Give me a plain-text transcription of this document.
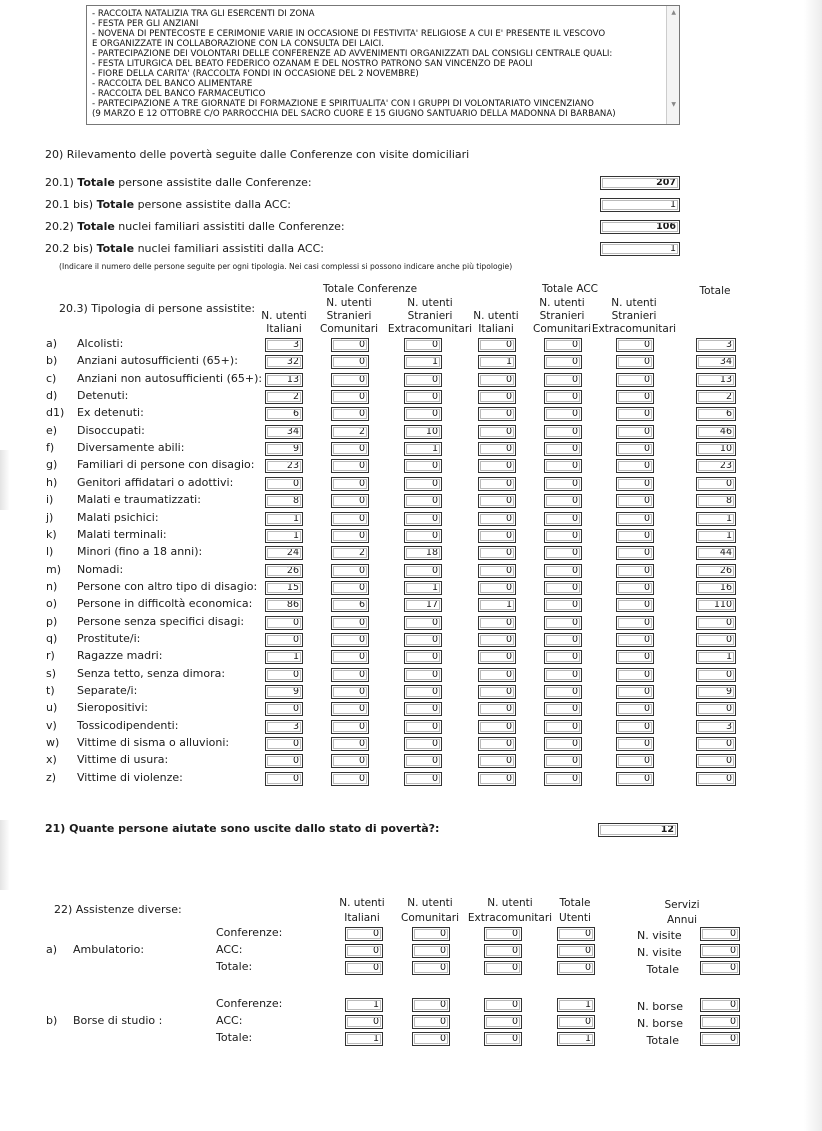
- RACCOLTA NATALIZIA TRA GLI ESERCENTI DI ZONA
- FESTA PER GLI ANZIANI
- NOVENA DI PENTECOSTE E CERIMONIE VARIE IN OCCASIONE DI FESTIVITA' RELIGIOSE A CUI E' PRESENTE IL VESCOVO
E ORGANIZZATE IN COLLABORAZIONE CON LA CONSULTA DEI LAICI.
- PARTECIPAZIONE DEI VOLONTARI DELLE CONFERENZE AD AVVENIMENTI ORGANIZZATI DAL CONSIGLI CENTRALE QUALI:
- FESTA LITURGICA DEL BEATO FEDERICO OZANAM E DEL NOSTRO PATRONO SAN VINCENZO DE PAOLI
- FIORE DELLA CARITA' (RACCOLTA FONDI IN OCCASIONE DEL 2 NOVEMBRE)
- RACCOLTA DEL BANCO ALIMENTARE
- RACCOLTA DEL BANCO FARMACEUTICO
- PARTECIPAZIONE A TRE GIORNATE DI FORMAZIONE E SPIRITUALITA' CON I GRUPPI DI VOLONTARIATO VINCENZIANO
(9 MARZO E 12 OTTOBRE C/O PARROCCHIA DEL SACRO CUORE E 15 GIUGNO SANTUARIO DELLA MADONNA DI BARBANA)
▲
▼
20) Rilevamento delle povertà seguite dalle Conferenze con visite domiciliari
20.1) Totale persone assistite dalle Conferenze:	207
20.1 bis) Totale persone assistite dalla ACC:	1
20.2) Totale nuclei familiari assistiti dalle Conferenze:	106
20.2 bis) Totale nuclei familiari assistiti dalla ACC:	1
(Indicare il numero delle persone seguite per ogni tipologia. Nei casi complessi si possono indicare anche più tipologie)
Totale Conferenze	Totale ACC	Totale
20.3) Tipologia di persone assistite:
N. utenti
Italiani
N. utenti
Stranieri
Comunitari
N. utenti
Stranieri
Extracomunitari
N. utenti
Italiani
N. utenti
Stranieri
Comunitari
N. utenti
Stranieri
Extracomunitari
a) Alcolisti:	3	0	0	0	0	0	3
b) Anziani autosufficienti (65+):	32	0	1	1	0	0	34
c) Anziani non autosufficienti (65+):	13	0	0	0	0	0	13
d) Detenuti:	2	0	0	0	0	0	2
d1) Ex detenuti:	6	0	0	0	0	0	6
e) Disoccupati:	34	2	10	0	0	0	46
f) Diversamente abili:	9	0	1	0	0	0	10
g) Familiari di persone con disagio:	23	0	0	0	0	0	23
h) Genitori affidatari o adottivi:	0	0	0	0	0	0	0
i) Malati e traumatizzati:	8	0	0	0	0	0	8
j) Malati psichici:	1	0	0	0	0	0	1
k) Malati terminali:	1	0	0	0	0	0	1
l) Minori (fino a 18 anni):	24	2	18	0	0	0	44
m) Nomadi:	26	0	0	0	0	0	26
n) Persone con altro tipo di disagio:	15	0	1	0	0	0	16
o) Persone in difficoltà economica:	86	6	17	1	0	0	110
p) Persone senza specifici disagi:	0	0	0	0	0	0	0
q) Prostitute/i:	0	0	0	0	0	0	0
r) Ragazze madri:	1	0	0	0	0	0	1
s) Senza tetto, senza dimora:	0	0	0	0	0	0	0
t) Separate/i:	9	0	0	0	0	0	9
u) Sieropositivi:	0	0	0	0	0	0	0
v) Tossicodipendenti:	3	0	0	0	0	0	3
w) Vittime di sisma o alluvioni:	0	0	0	0	0	0	0
x) Vittime di usura:	0	0	0	0	0	0	0
z) Vittime di violenze:	0	0	0	0	0	0	0
21) Quante persone aiutate sono uscite dallo stato di povertà?:	12
22) Assistenze diverse:	N. utenti
Italiani
N. utenti
Comunitari
N. utenti
Extracomunitari
Totale
Utenti
Servizi
Annui
a) Ambulatorio:
Conferenze:	0	0	0	0	N. visite	0
ACC:	0	0	0	0	N. visite	0
Totale:	0	0	0	0	Totale	0
b) Borse di studio :
Conferenze:	1	0	0	1	N. borse	0
ACC:	0	0	0	0	N. borse	0
Totale:	1	0	0	1	Totale	0
